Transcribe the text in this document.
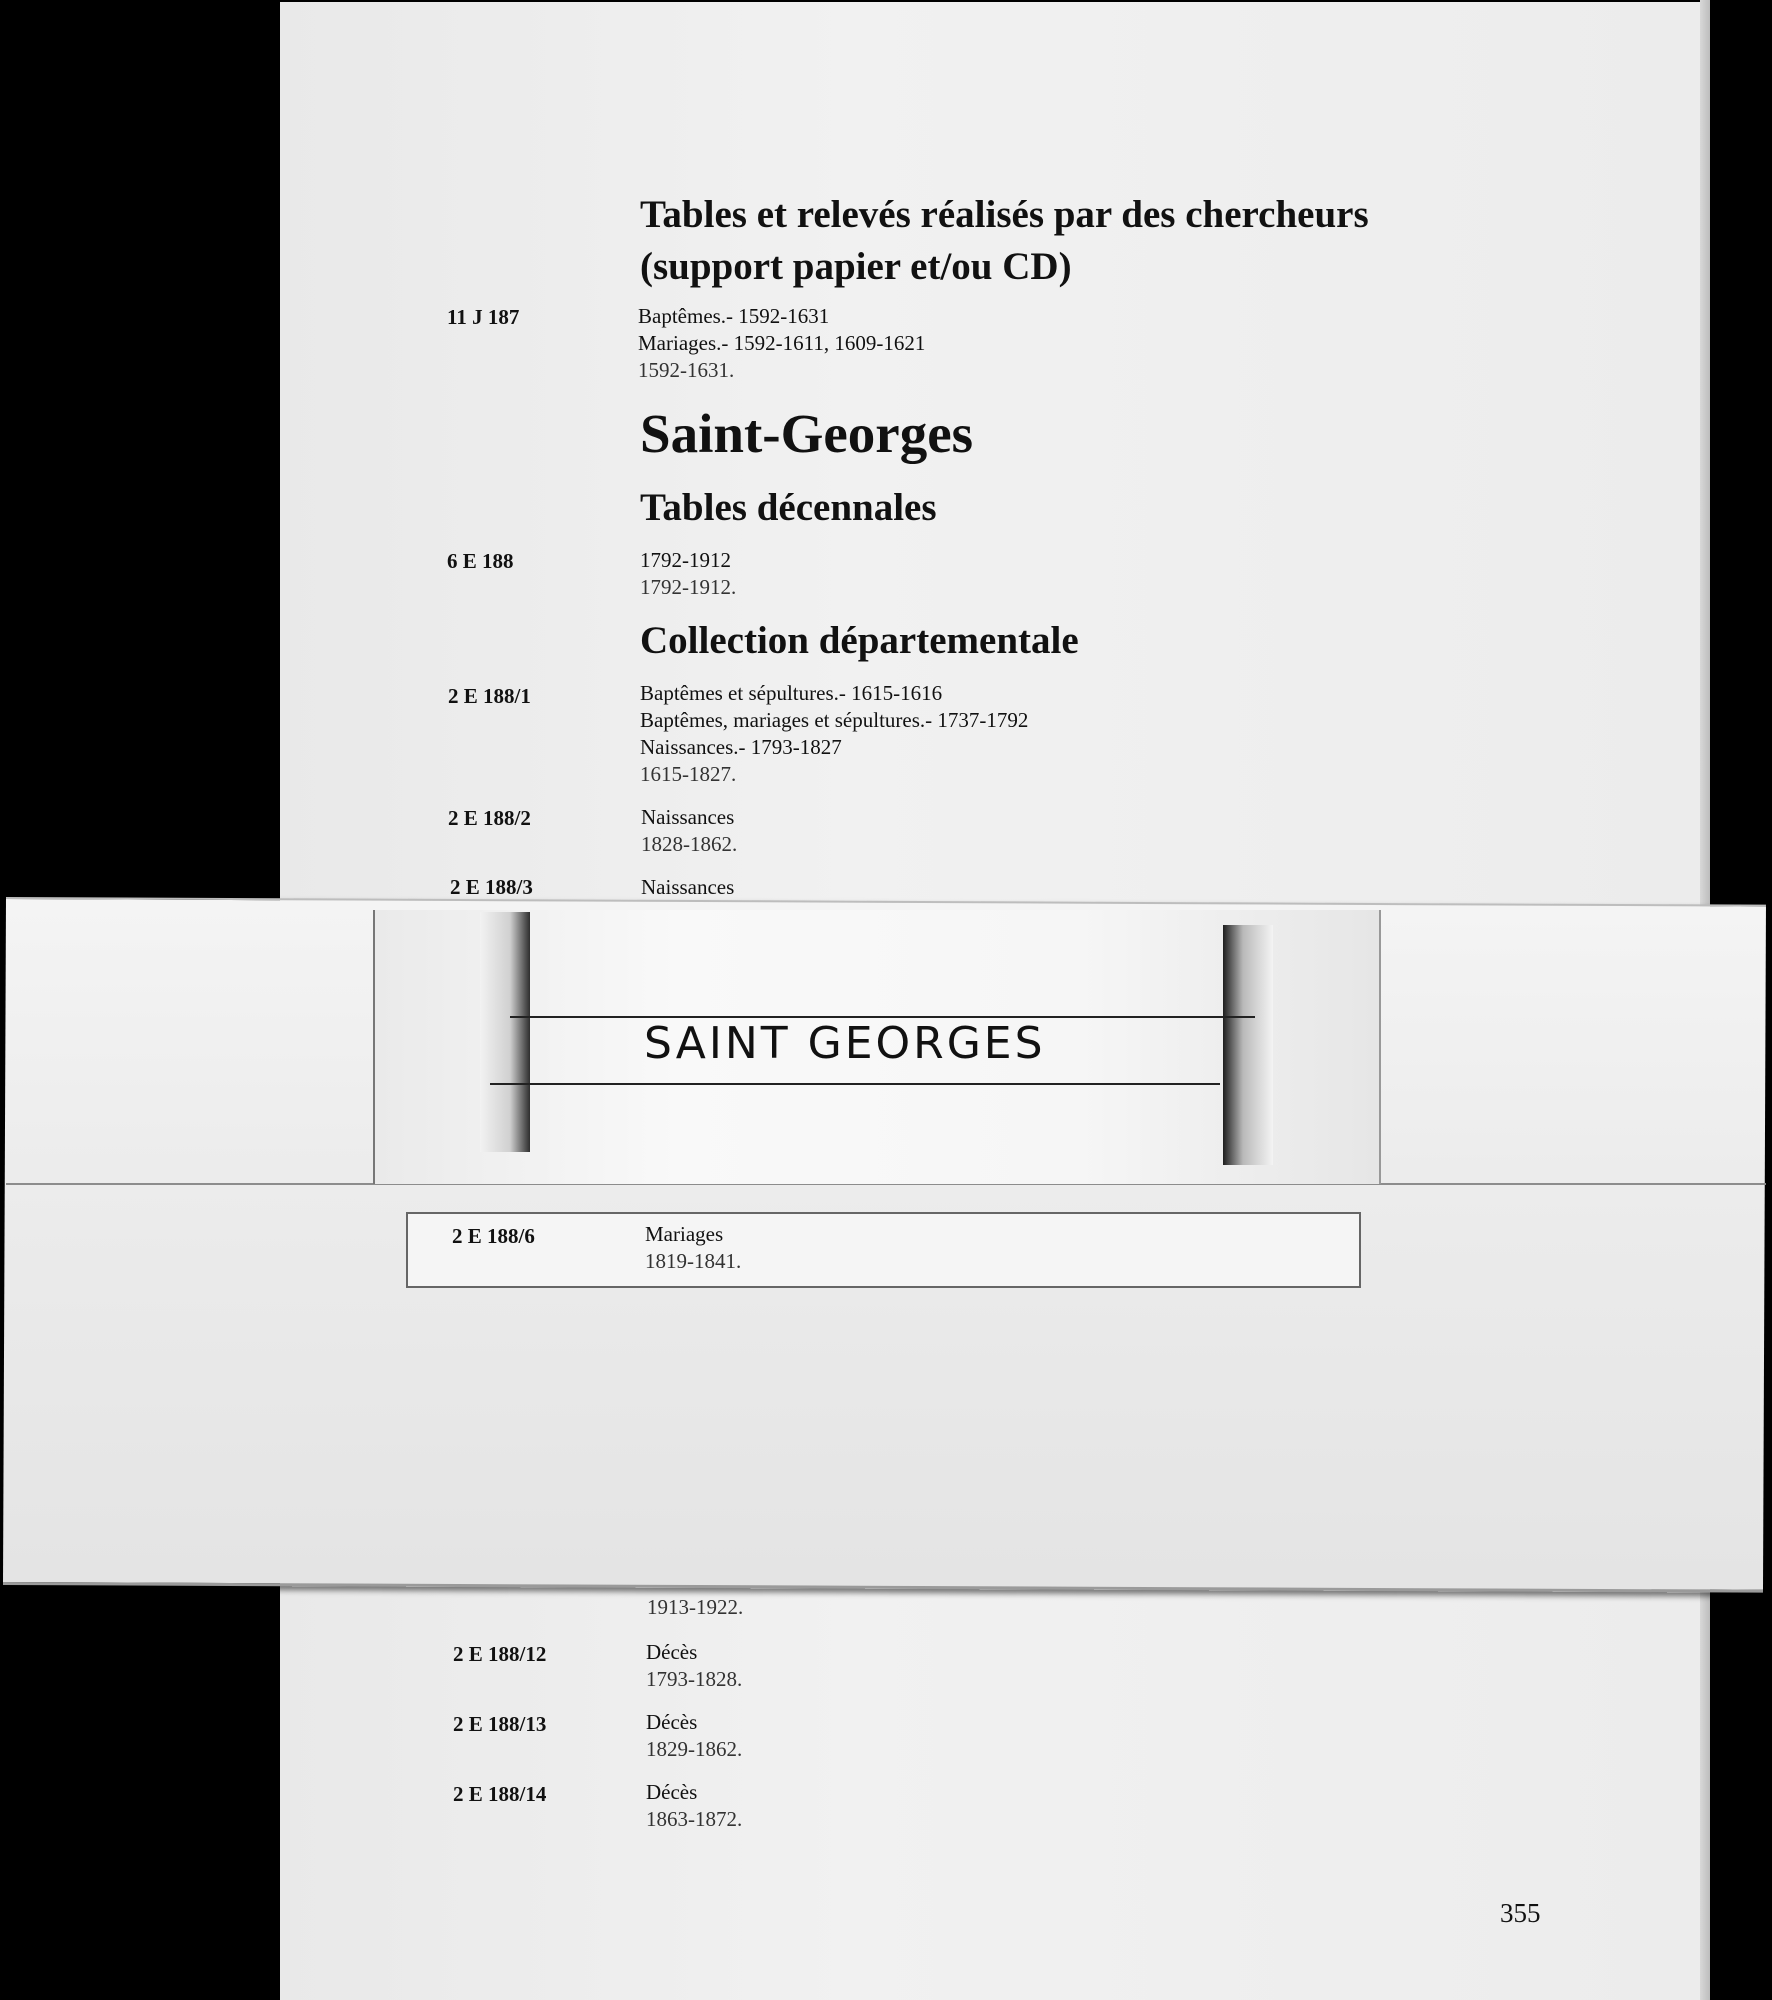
Tables et relevés réalisés par des chercheurs
(support papier et/ou CD)
11 J 187	Baptêmes.- 1592-1631
Mariages.- 1592-1611, 1609-1621
1592-1631.
Saint-Georges
Tables décennales
6 E 188	1792-1912
1792-1912.
Collection départementale
2 E 188/1	Baptêmes et sépultures.- 1615-1616
Baptêmes, mariages et sépultures.- 1737-1792
Naissances.- 1793-1827
1615-1827.
2 E 188/2	Naissances
1828-1862.
2 E 188/3	Naissances
SAINT GEORGES
2 E 188/6	Mariages
1819-1841.
1913-1922.
2 E 188/12	Décès
1793-1828.
2 E 188/13	Décès
1829-1862.
2 E 188/14	Décès
1863-1872.
355
